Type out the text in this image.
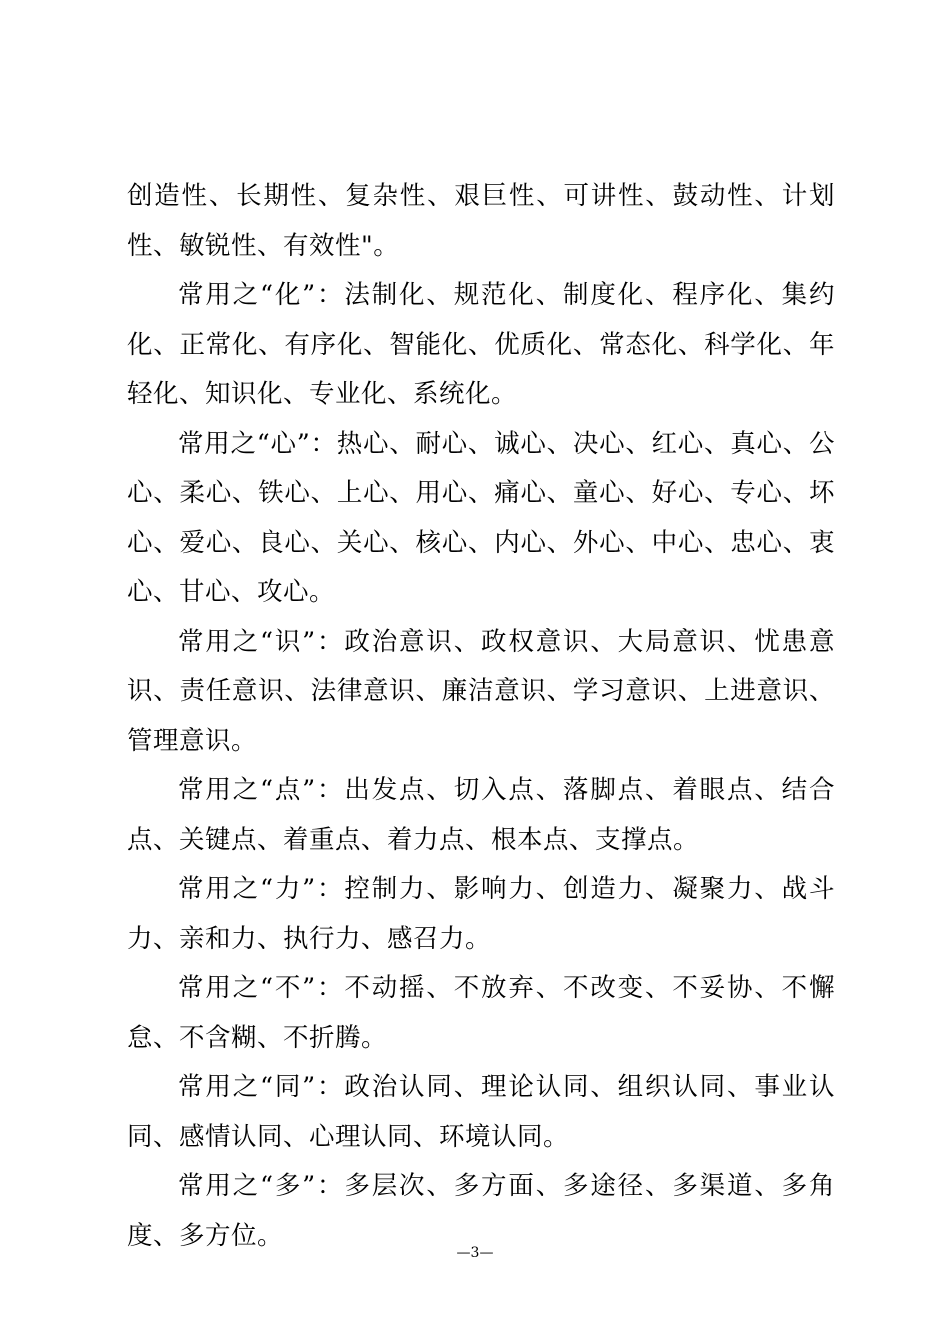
创造性、长期性、复杂性、艰巨性、可讲性、鼓动性、计划性、敏锐性、有效性"。

常用之“化”：法制化、规范化、制度化、程序化、集约化、正常化、有序化、智能化、优质化、常态化、科学化、年轻化、知识化、专业化、系统化。

常用之“心”：热心、耐心、诚心、决心、红心、真心、公心、柔心、铁心、上心、用心、痛心、童心、好心、专心、坏心、爱心、良心、关心、核心、内心、外心、中心、忠心、衷心、甘心、攻心。

常用之“识”：政治意识、政权意识、大局意识、忧患意识、责任意识、法律意识、廉洁意识、学习意识、上进意识、管理意识。

常用之“点”：出发点、切入点、落脚点、着眼点、结合点、关键点、着重点、着力点、根本点、支撑点。

常用之“力”：控制力、影响力、创造力、凝聚力、战斗力、亲和力、执行力、感召力。

常用之“不”：不动摇、不放弃、不改变、不妥协、不懈怠、不含糊、不折腾。

常用之“同”：政治认同、理论认同、组织认同、事业认同、感情认同、心理认同、环境认同。

常用之“多”：多层次、多方面、多途径、多渠道、多角度、多方位。

—3—
